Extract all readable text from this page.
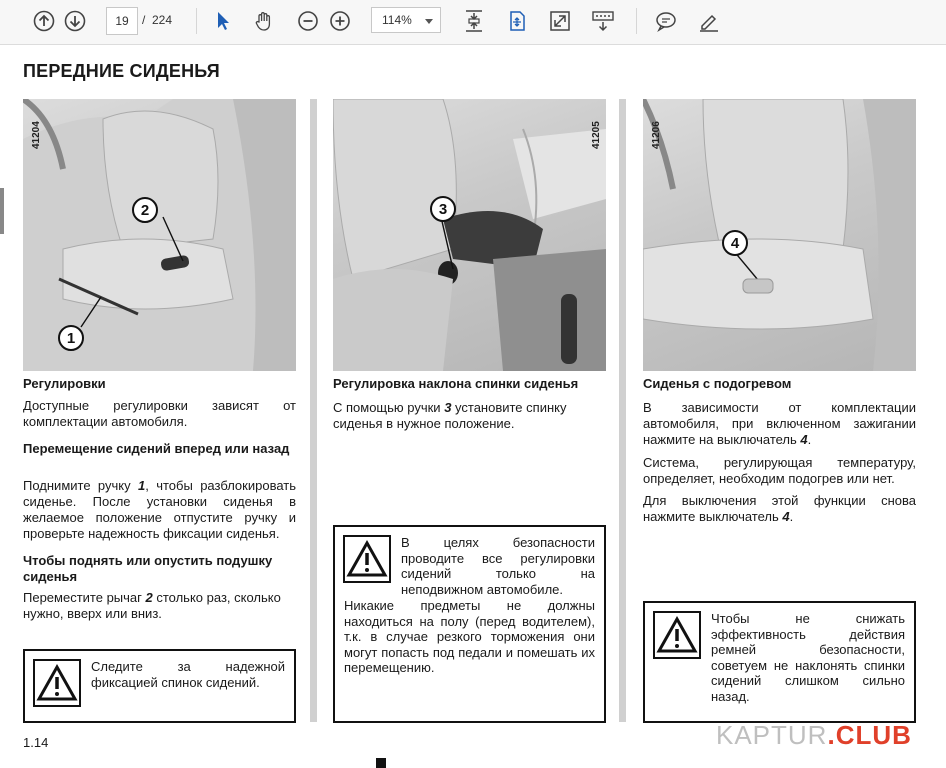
19 / 224	114%
ПЕРЕДНИЕ СИДЕНЬЯ
41204
2
1
41205
3
41206
4
Регулировки
Доступные регулировки зависят от комплектации автомобиля.
Перемещение сидений вперед или назад
Поднимите ручку 1, чтобы разблокировать сиденье. После установки сиденья в желаемое положение отпустите ручку и проверьте надежность фиксации сиденья.
Чтобы поднять или опустить подушку сиденья
Переместите рычаг 2 столько раз, сколько нужно, вверх или вниз.
Следите за надежной фиксацией спинок сидений.
Регулировка наклона спинки сиденья
С помощью ручки 3 установите спинку сиденья в нужное положение.
В целях безопасности проводите все регулировки сидений только на неподвижном автомобиле.
Никакие предметы не должны находиться на полу (перед водителем), т.к. в случае резкого торможения они могут попасть под педали и помешать их перемещению.
Сиденья с подогревом
В зависимости от комплектации автомобиля, при включенном зажигании нажмите на выключатель 4.
Система, регулирующая температуру, определяет, необходим подогрев или нет.
Для выключения этой функции снова нажмите выключатель 4.
Чтобы не снижать эффективность действия ремней безопасности, советуем не наклонять спинки сидений слишком сильно назад.
1.14	KAPTUR.CLUB
